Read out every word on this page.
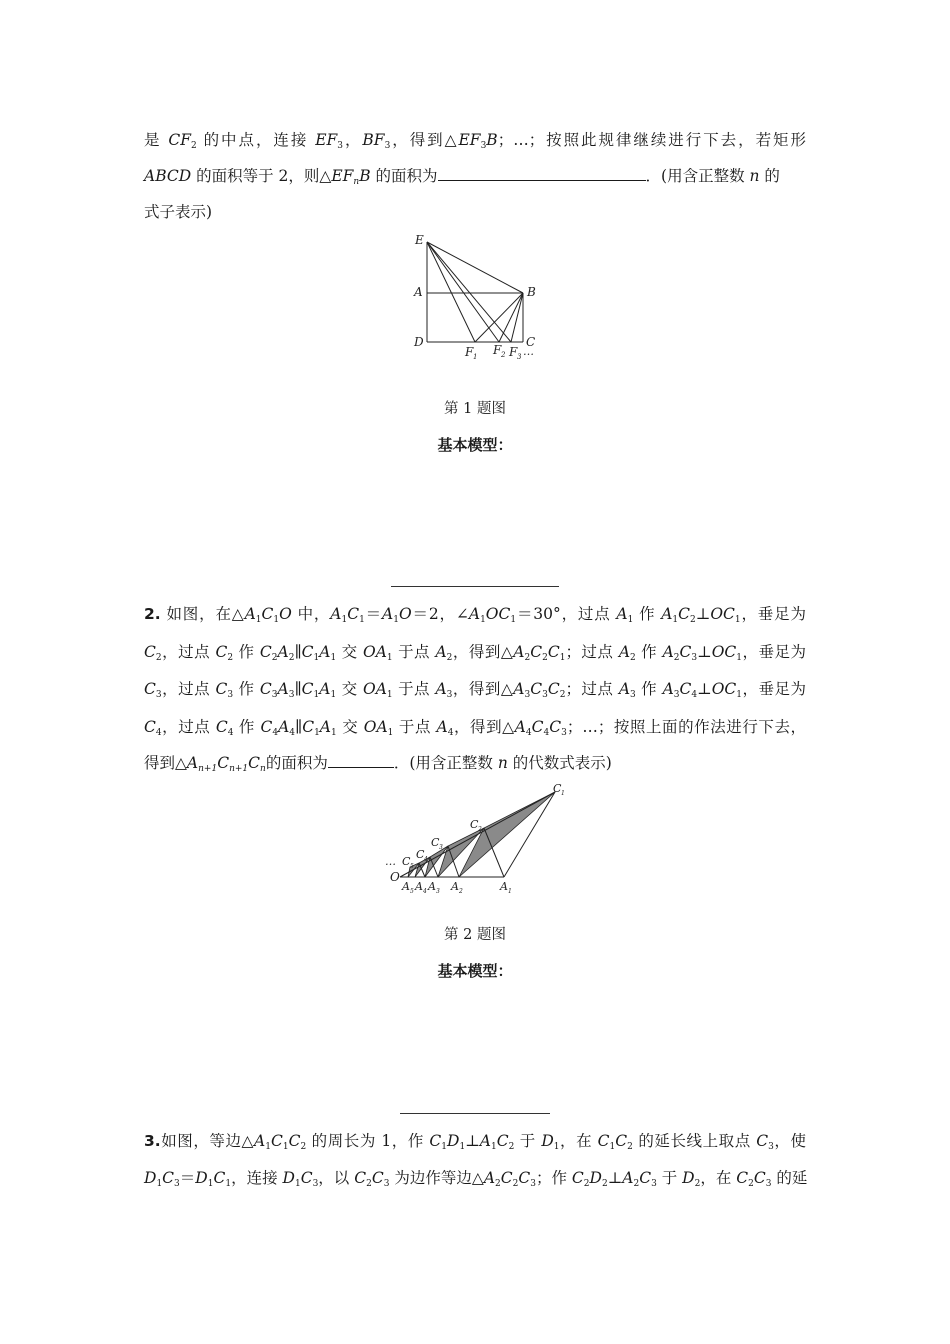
是 $CF_2$ 的中点，连接 $EF_3$，$BF_3$，得到$\triangle EF_3B$；…；按照此规律继续进行下去，若矩形
ABCD 的面积等于 2，则$\triangle EF_nB$ 的面积为	．(用含正整数 n 的
式子表示)
E
A
D
B
C
F 1 F 2 F 3 …
第 1 题图
基本模型：
2. 如图，在$\triangle A_1C_1O$ 中，$A_1C_1=A_1O=2$，$\angle A_1OC_1=30^\circ$，过点 $A_1$ 作 $A_1C_2\perp OC_1$，垂足为
$C_2$，过点 $C_2$ 作 $C_2A_2\parallel C_1A_1$ 交 $OA_1$ 于点 $A_2$，得到$\triangle A_2C_2C_1$；过点 $A_2$ 作 $A_2C_3\perp OC_1$，垂足为
$C_3$，过点 $C_3$ 作 $C_3A_3\parallel C_1A_1$ 交 $OA_1$ 于点 $A_3$，得到$\triangle A_3C_3C_2$；过点 $A_3$ 作 $A_3C_4\perp OC_1$，垂足为
$C_4$，过点 $C_4$ 作 $C_4A_4\parallel C_1A_1$ 交 $OA_1$ 于点 $A_4$，得到$\triangle A_4C_4C_3$；…；按照上面的作法进行下去，
得到$\triangle A_{n+1}C_{n+1}C_n$的面积为	．(用含正整数 n 的代数式表示)
O
… C 5
C 4
C 3
C 2
C 1
A 5 A 4 A 3 A 2	A 1
第 2 题图
基本模型：
3.如图，等边$\triangle A_1C_1C_2$ 的周长为 1，作 $C_1D_1\perp A_1C_2$ 于 $D_1$，在 $C_1C_2$ 的延长线上取点 $C_3$，使
$D_1C_3=D_1C_1$，连接 $D_1C_3$，以 $C_2C_3$ 为边作等边$\triangle A_2C_2C_3$；作 $C_2D_2\perp A_2C_3$ 于 $D_2$，在 $C_2C_3$ 的延
